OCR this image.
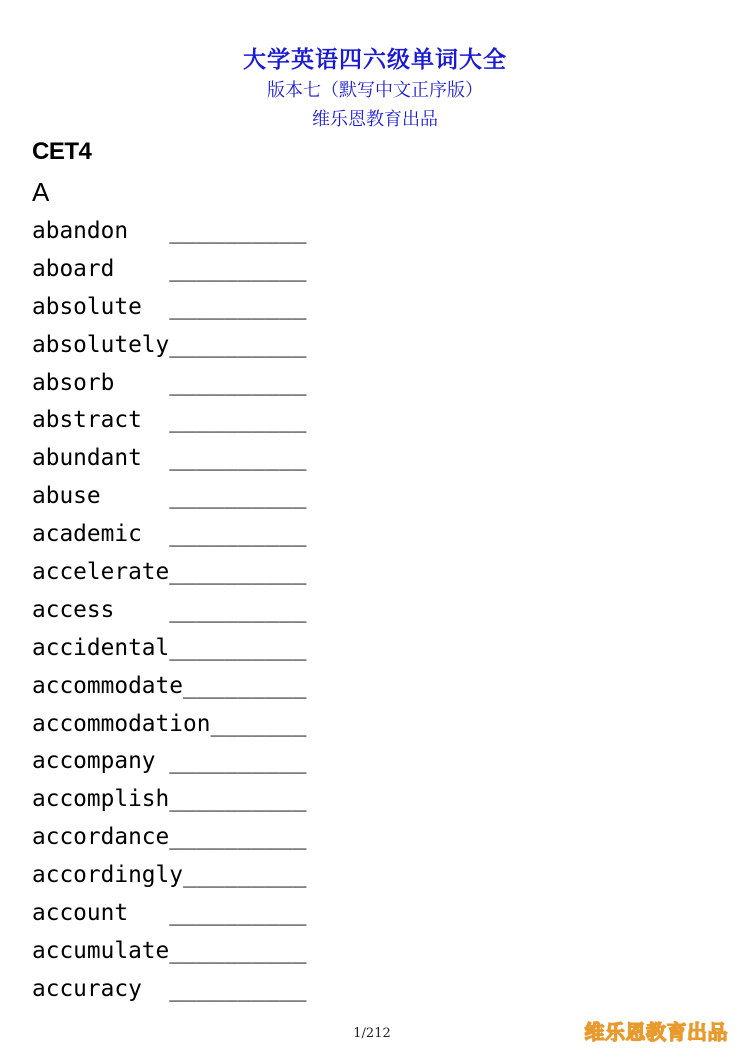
大学英语四六级单词大全
版本七（默写中文正序版）
维乐恩教育出品
CET4
A
abandon __________
aboard __________
absolute __________
absolutely__________
absorb __________
abstract __________
abundant __________
abuse	__________
academic __________
accelerate__________
access __________
accidental__________
accommodate_________
accommodation_______
accompany __________
accomplish__________
accordance__________
accordingly_________
account __________
accumulate__________
accuracy __________
1/212	维乐恩教育出品
